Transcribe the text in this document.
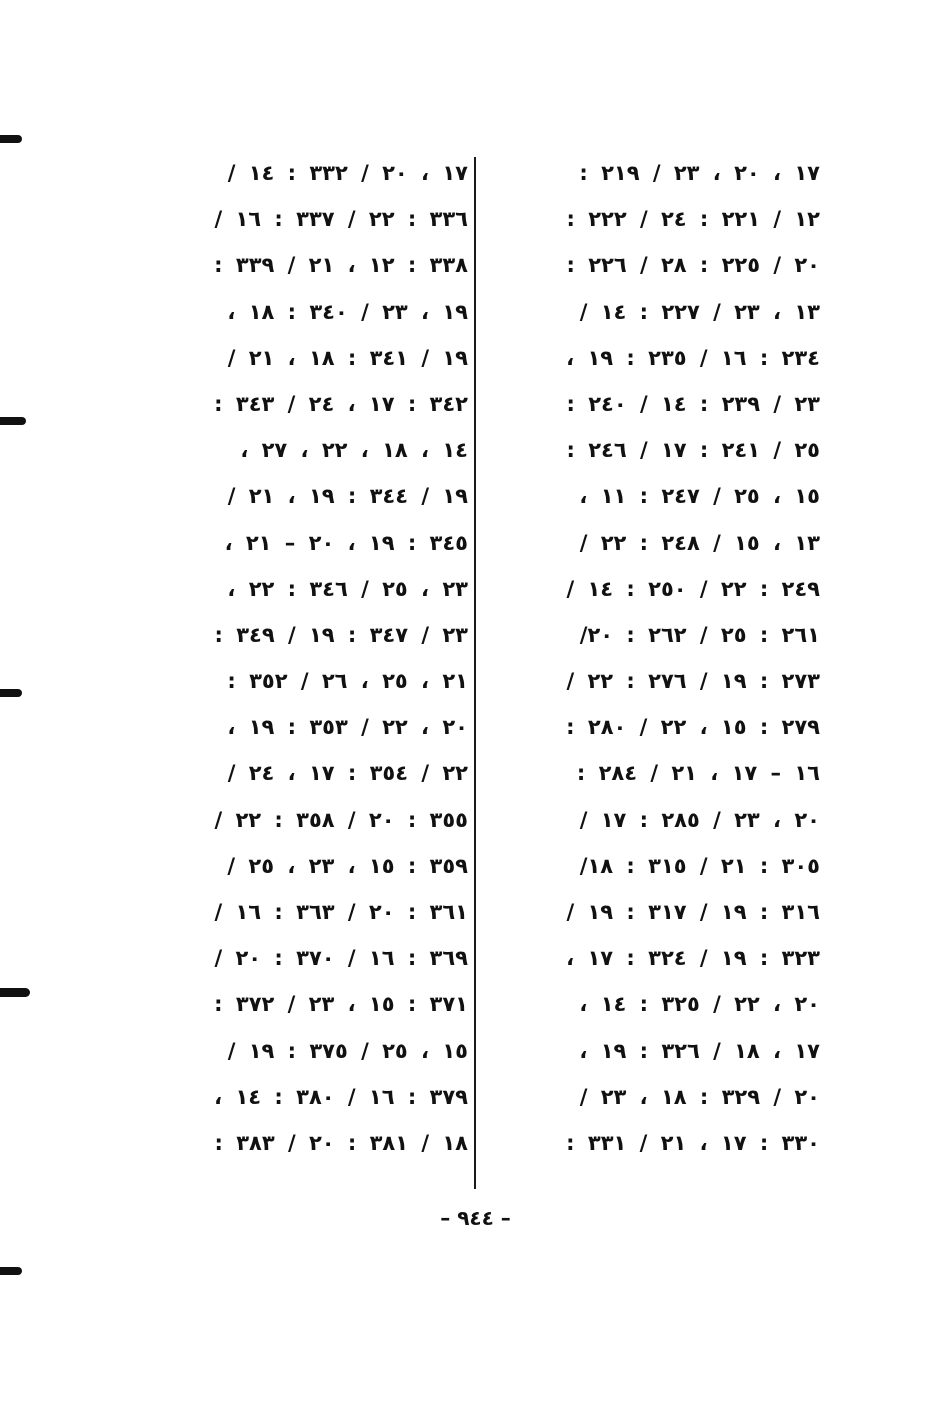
١٧ ، ٢٠ ، ٢٣ / ٢١٩ :
١٢ / ٢٢١ : ٢٤ / ٢٢٢ :
٢٠ / ٢٢٥ : ٢٨ / ٢٢٦ :
١٣ ، ٢٣ / ٢٢٧ : ١٤ /
٢٣٤ : ١٦ / ٢٣٥ : ١٩ ،
٢٣ / ٢٣٩ : ١٤ / ٢٤٠ :
٢٥ / ٢٤١ : ١٧ / ٢٤٦ :
١٥ ، ٢٥ / ٢٤٧ : ١١ ،
١٣ ، ١٥ / ٢٤٨ : ٢٢ /
٢٤٩ : ٢٢ / ٢٥٠ : ١٤ /
٢٦١ : ٢٥ / ٢٦٢ : ٢٠/
٢٧٣ : ١٩ / ٢٧٦ : ٢٢ /
٢٧٩ : ١٥ ، ٢٢ / ٢٨٠ :
١٦ – ١٧ ، ٢١ / ٢٨٤ :
٢٠ ، ٢٣ / ٢٨٥ : ١٧ /
٣٠٥ : ٢١ / ٣١٥ : ١٨/
٣١٦ : ١٩ / ٣١٧ : ١٩ /
٣٢٣ : ١٩ / ٣٢٤ : ١٧ ،
٢٠ ، ٢٢ / ٣٢٥ : ١٤ ،
١٧ ، ١٨ / ٣٢٦ : ١٩ ،
٢٠ / ٣٢٩ : ١٨ ، ٢٣ /
٣٣٠ : ١٧ ، ٢١ / ٣٣١ :
١٧ ، ٢٠ / ٣٣٢ : ١٤ /
٣٣٦ : ٢٢ / ٣٣٧ : ١٦ /
٣٣٨ : ١٢ ، ٢١ / ٣٣٩ :
١٩ ، ٢٣ / ٣٤٠ : ١٨ ،
١٩ / ٣٤١ : ١٨ ، ٢١ /
٣٤٢ : ١٧ ، ٢٤ / ٣٤٣ :
١٤ ، ١٨ ، ٢٢ ، ٢٧ ،
١٩ / ٣٤٤ : ١٩ ، ٢١ /
٣٤٥ : ١٩ ، ٢٠ – ٢١ ،
٢٣ ، ٢٥ / ٣٤٦ : ٢٢ ،
٢٣ / ٣٤٧ : ١٩ / ٣٤٩ :
٢١ ، ٢٥ ، ٢٦ / ٣٥٢ :
٢٠ ، ٢٢ / ٣٥٣ : ١٩ ،
٢٢ / ٣٥٤ : ١٧ ، ٢٤ /
٣٥٥ : ٢٠ / ٣٥٨ : ٢٢ /
٣٥٩ : ١٥ ، ٢٣ ، ٢٥ /
٣٦١ : ٢٠ / ٣٦٣ : ١٦ /
٣٦٩ : ١٦ / ٣٧٠ : ٢٠ /
٣٧١ : ١٥ ، ٢٣ / ٣٧٢ :
١٥ ، ٢٥ / ٣٧٥ : ١٩ /
٣٧٩ : ١٦ / ٣٨٠ : ١٤ ،
١٨ / ٣٨١ : ٢٠ / ٣٨٣ :
– ٩٤٤ –
